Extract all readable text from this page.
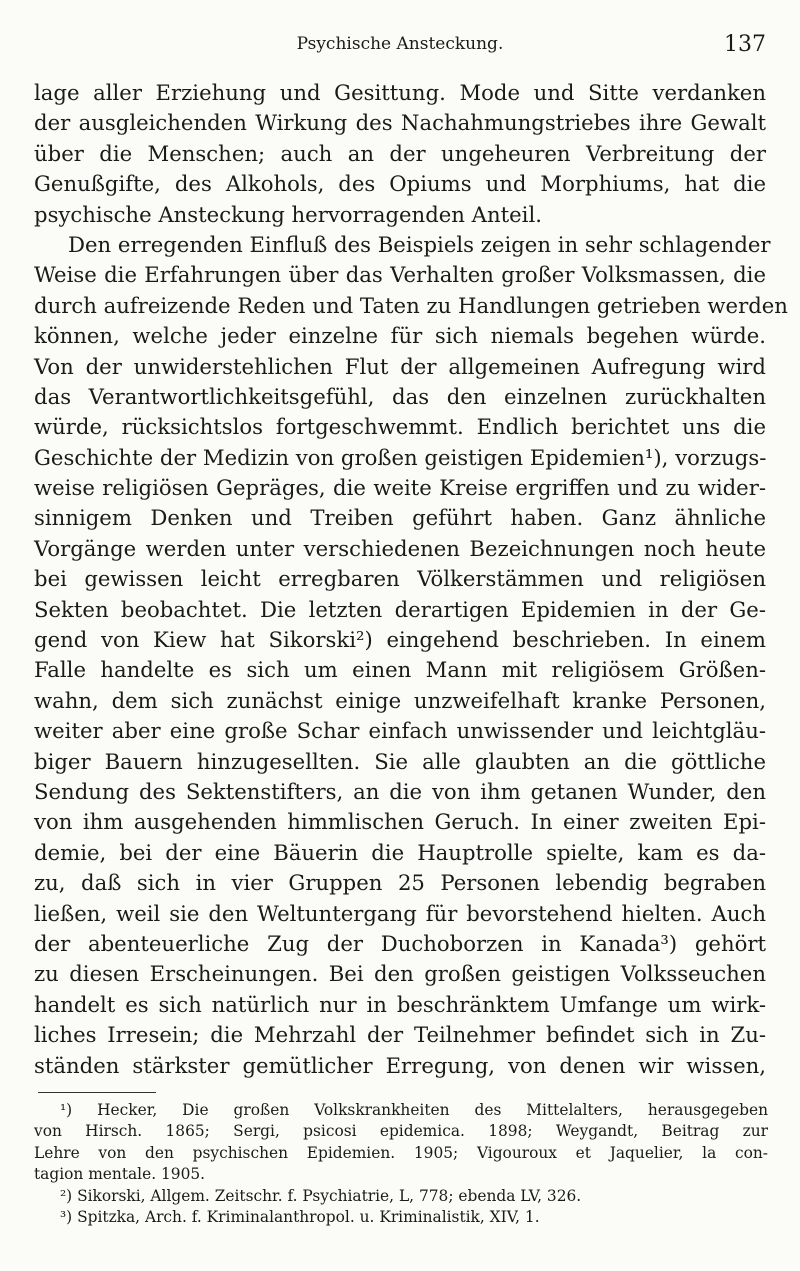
Psychische Ansteckung.	137
lage aller Erziehung und Gesittung. Mode und Sitte verdanken
der ausgleichenden Wirkung des Nachahmungstriebes ihre Gewalt
über die Menschen; auch an der ungeheuren Verbreitung der
Genußgifte, des Alkohols, des Opiums und Morphiums, hat die
psychische Ansteckung hervorragenden Anteil.
Den erregenden Einfluß des Beispiels zeigen in sehr schlagender
Weise die Erfahrungen über das Verhalten großer Volksmassen, die
durch aufreizende Reden und Taten zu Handlungen getrieben werden
können, welche jeder einzelne für sich niemals begehen würde.
Von der unwiderstehlichen Flut der allgemeinen Aufregung wird
das Verantwortlichkeitsgefühl, das den einzelnen zurückhalten
würde, rücksichtslos fortgeschwemmt. Endlich berichtet uns die
Geschichte der Medizin von großen geistigen Epidemien¹), vorzugs-
weise religiösen Gepräges, die weite Kreise ergriffen und zu wider-
sinnigem Denken und Treiben geführt haben. Ganz ähnliche
Vorgänge werden unter verschiedenen Bezeichnungen noch heute
bei gewissen leicht erregbaren Völkerstämmen und religiösen
Sekten beobachtet. Die letzten derartigen Epidemien in der Ge-
gend von Kiew hat Sikorski²) eingehend beschrieben. In einem
Falle handelte es sich um einen Mann mit religiösem Größen-
wahn, dem sich zunächst einige unzweifelhaft kranke Personen,
weiter aber eine große Schar einfach unwissender und leichtgläu-
biger Bauern hinzugesellten. Sie alle glaubten an die göttliche
Sendung des Sektenstifters, an die von ihm getanen Wunder, den
von ihm ausgehenden himmlischen Geruch. In einer zweiten Epi-
demie, bei der eine Bäuerin die Hauptrolle spielte, kam es da-
zu, daß sich in vier Gruppen 25 Personen lebendig begraben
ließen, weil sie den Weltuntergang für bevorstehend hielten. Auch
der abenteuerliche Zug der Duchoborzen in Kanada³) gehört
zu diesen Erscheinungen. Bei den großen geistigen Volksseuchen
handelt es sich natürlich nur in beschränktem Umfange um wirk-
liches Irresein; die Mehrzahl der Teilnehmer befindet sich in Zu-
ständen stärkster gemütlicher Erregung, von denen wir wissen,
¹) Hecker, Die großen Volkskrankheiten des Mittelalters, herausgegeben
von Hirsch. 1865; Sergi, psicosi epidemica. 1898; Weygandt, Beitrag zur
Lehre von den psychischen Epidemien. 1905; Vigouroux et Jaquelier, la con-
tagion mentale. 1905.
²) Sikorski, Allgem. Zeitschr. f. Psychiatrie, L, 778; ebenda LV, 326.
³) Spitzka, Arch. f. Kriminalanthropol. u. Kriminalistik, XIV, 1.
